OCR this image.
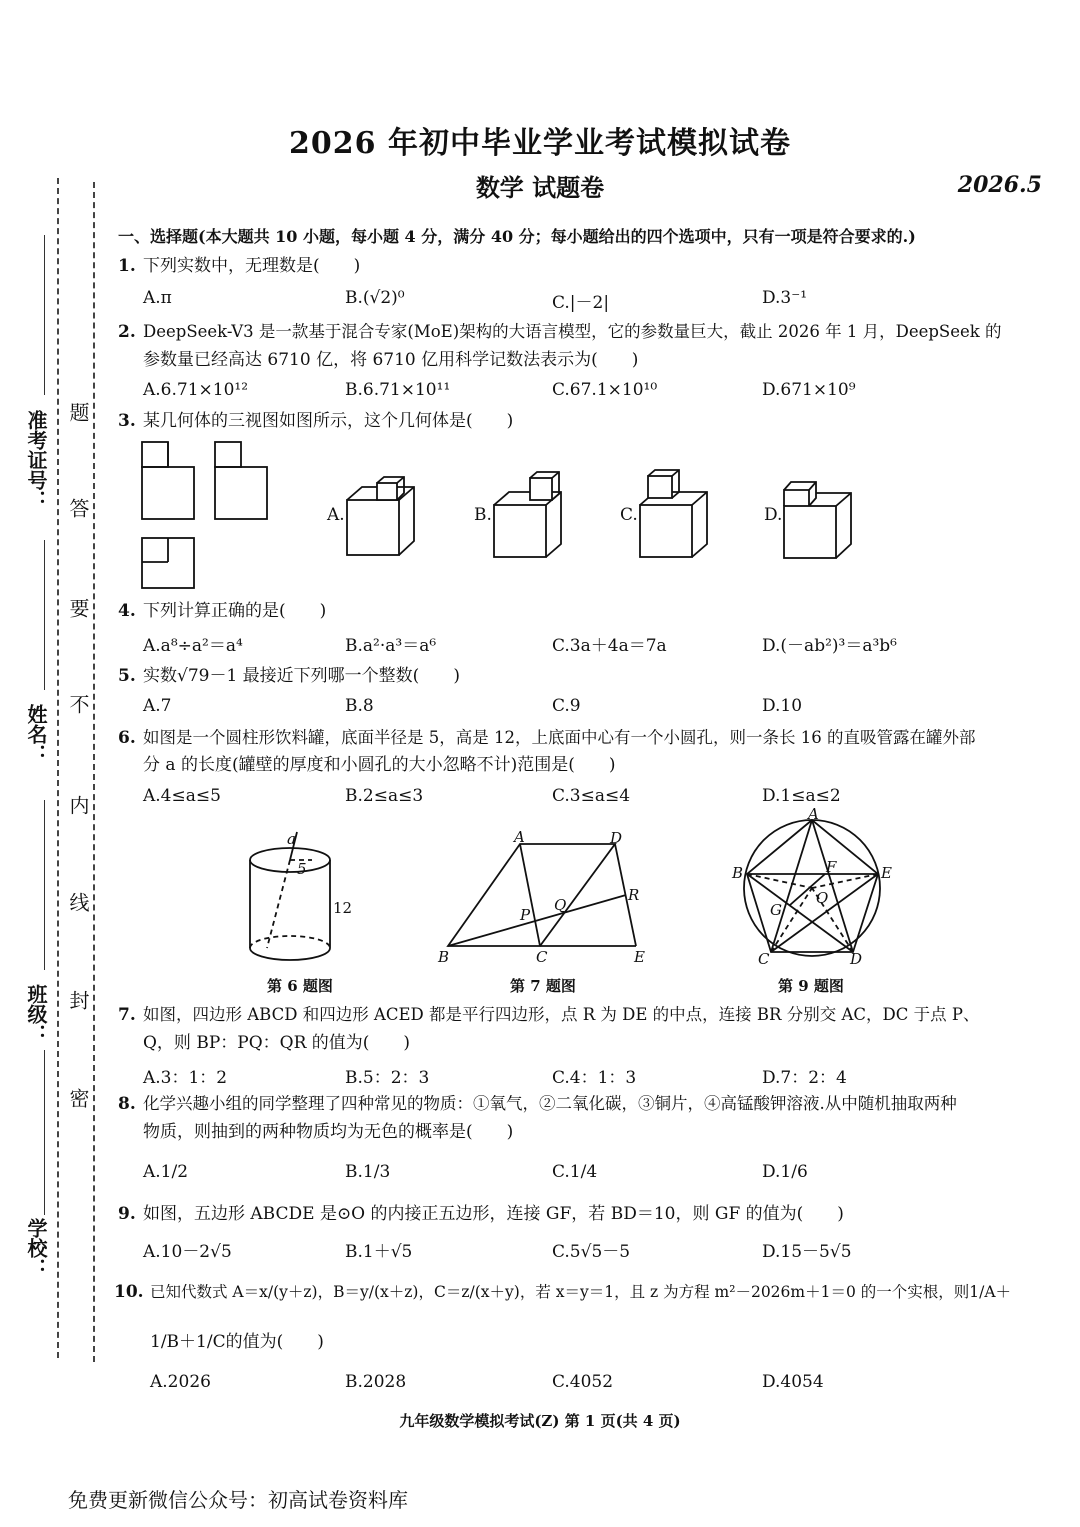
2026 年初中毕业学业考试模拟试卷
数学 试题卷	2026.5
准考证号：
姓名：
班级：
学校：
题
答
要
不
内
线
封
密
一、选择题(本大题共 10 小题，每小题 4 分，满分 40 分；每小题给出的四个选项中，只有一项是符合要求的.)
1. 下列实数中，无理数是(　　)
A.π	B.(√2)⁰	C.|－2|	D.3⁻¹
2. DeepSeek-V3 是一款基于混合专家(MoE)架构的大语言模型，它的参数量巨大，截止 2026 年 1 月，DeepSeek 的
参数量已经高达 6710 亿，将 6710 亿用科学记数法表示为(　　)
A.6.71×10¹²	B.6.71×10¹¹	C.67.1×10¹⁰	D.671×10⁹
3. 某几何体的三视图如图所示，这个几何体是(　　)
A.	B.	C.	D.
4. 下列计算正确的是(　　)
A.a⁸÷a²＝a⁴	B.a²·a³＝a⁶	C.3a＋4a＝7a	D.(－ab²)³＝a³b⁶
5. 实数√79－1 最接近下列哪一个整数(　　)
A.7	B.8	C.9	D.10
6. 如图是一个圆柱形饮料罐，底面半径是 5，高是 12，上底面中心有一个小圆孔，则一条长 16 的直吸管露在罐外部
分 a 的长度(罐壁的厚度和小圆孔的大小忽略不计)范围是(　　)
A.4≤a≤5	B.2≤a≤3	C.3≤a≤4	D.1≤a≤2
a
5
12
第 6 题图
A	D
B	C	E
P
Q
R
第 7 题图
A
B
C	D
E
F
G
O
第 9 题图
7. 如图，四边形 ABCD 和四边形 ACED 都是平行四边形，点 R 为 DE 的中点，连接 BR 分别交 AC，DC 于点 P、
Q，则 BP：PQ：QR 的值为(　　)
A.3：1：2	B.5：2：3	C.4：1：3	D.7：2：4
8. 化学兴趣小组的同学整理了四种常见的物质：①氧气，②二氧化碳，③铜片，④高锰酸钾溶液.从中随机抽取两种
物质，则抽到的两种物质均为无色的概率是(　　)
A.1/2	B.1/3	C.1/4	D.1/6
9. 如图，五边形 ABCDE 是⊙O 的内接正五边形，连接 GF，若 BD＝10，则 GF 的值为(　　)
A.10－2√5	B.1＋√5	C.5√5－5	D.15－5√5
10. 已知代数式 A＝x/(y＋z)，B＝y/(x＋z)，C＝z/(x＋y)，若 x＝y＝1，且 z 为方程 m²－2026m＋1＝0 的一个实根，则1/A＋
1/B＋1/C的值为(　　)
A.2026	B.2028	C.4052	D.4054
九年级数学模拟考试(Z) 第 1 页(共 4 页)
免费更新微信公众号：初高试卷资料库
